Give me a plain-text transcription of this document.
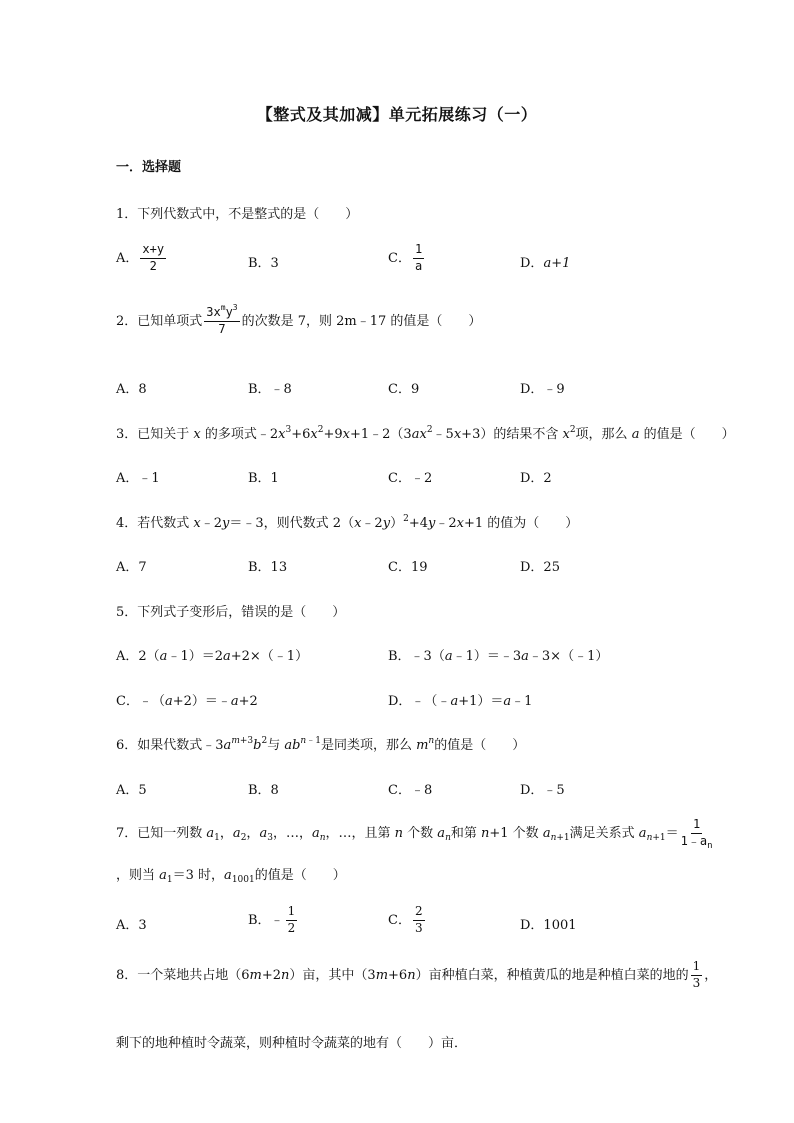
【整式及其加减】单元拓展练习（一）
一．选择题
1．下列代数式中，不是整式的是（　　）
A． $\frac{x+y}{2}$	B．3	C． $\frac{1}{a}$	D．a+1
2．已知单项式 $\frac{3x^my^3}{7}$ 的次数是 7，则 2m﹣17 的值是（　　）
A．8	B．﹣8	C．9	D．﹣9
3．已知关于 x 的多项式$﹣2x^3+6x^2+9x+1﹣2(3ax^2﹣5x+3)$的结果不含 $x^2$项，那么 a 的值是（　　）
A．﹣1	B．1	C．﹣2	D．2
4．若代数式 x﹣2y＝﹣3，则代数式 2（x﹣2y）$^2$+4y﹣2x+1 的值为（　　）
A．7	B．13	C．19	D．25
5．下列式子变形后，错误的是（　　）
A．2（a﹣1）＝2a+2×（﹣1）	B．﹣3（a﹣1）＝﹣3a﹣3×（﹣1）
C．﹣（a+2）＝﹣a+2	D．﹣（﹣a+1）＝a﹣1
6．如果代数式$﹣3a^{m+3}b^2$与 $ab^{n﹣1}$是同类项，那么 $m^n$的值是（　　）
A．5	B．8	C．﹣8	D．﹣5
7．已知一列数 $a_1$，$a_2$，$a_3$，…，$a_n$，…，且第 n 个数 $a_n$和第 n+1 个数 $a_{n+1}$满足关系式 $a_{n+1}= \frac{1}{1﹣a_n}$
，则当 $a_1=3$ 时，$a_{1001}$的值是（　　）
A．3	B．﹣ $\frac{1}{2}$	C． $\frac{2}{3}$	D．1001
8．一个菜地共占地（6m+2n）亩，其中（3m+6n）亩种植白菜，种植黄瓜的地是种植白菜的地的 $\frac{1}{3}$ ，
剩下的地种植时令蔬菜，则种植时令蔬菜的地有（　　）亩．
